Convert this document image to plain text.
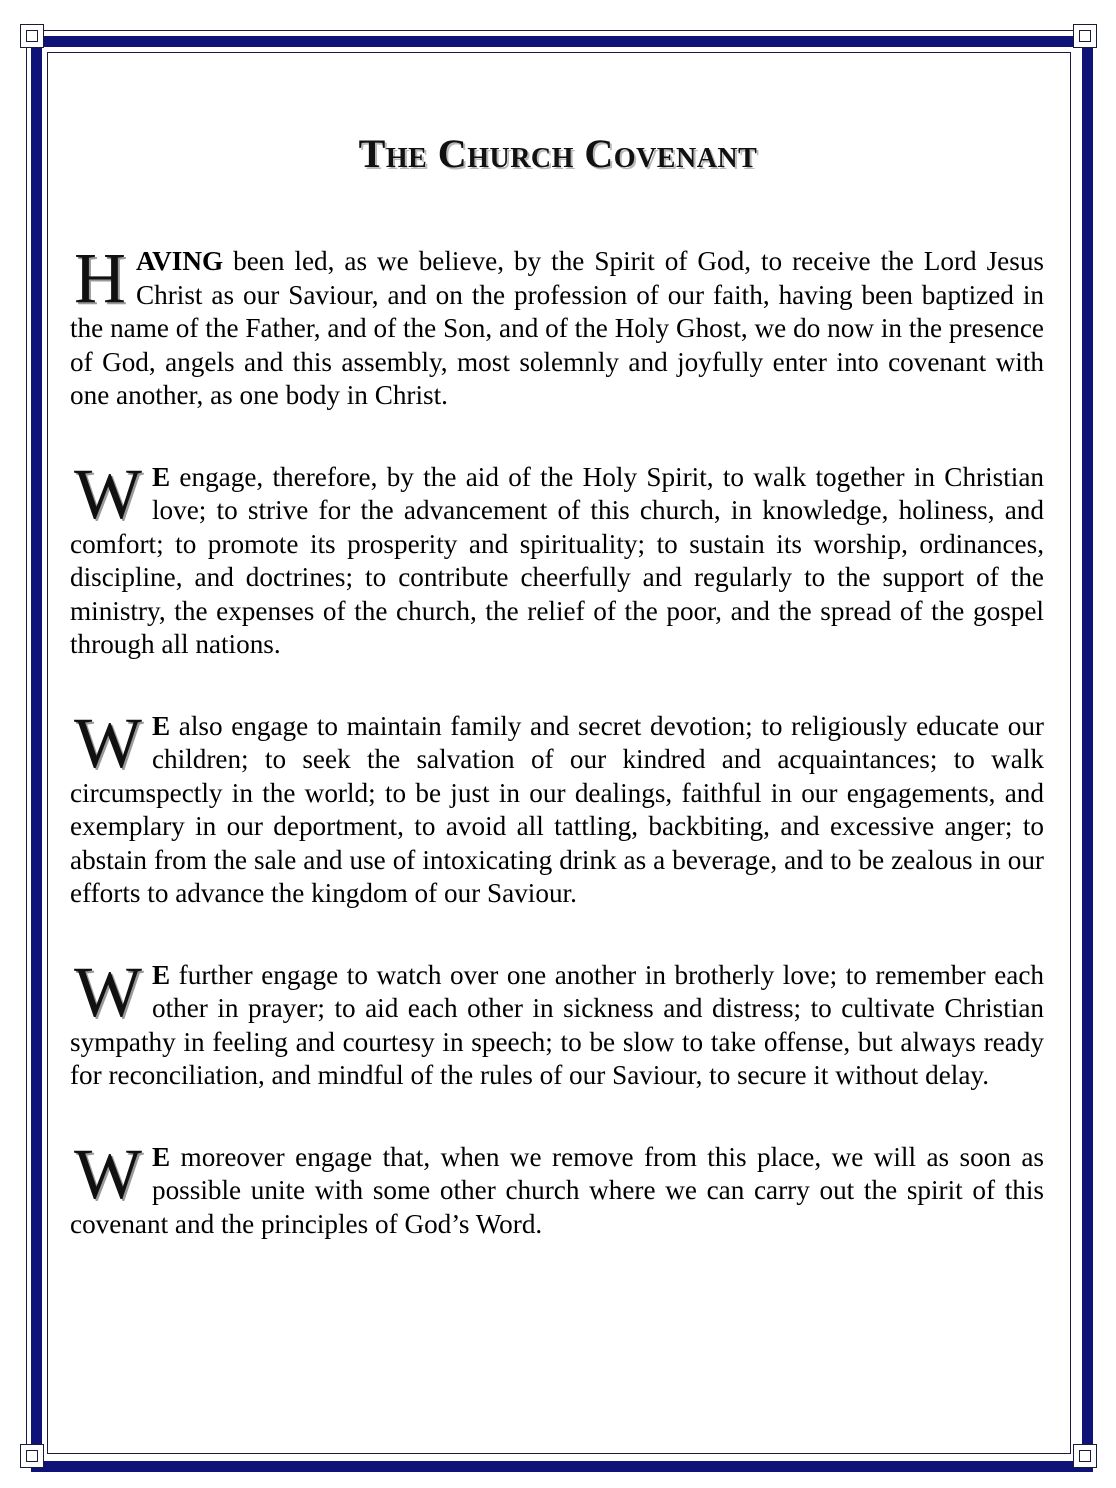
The Church Covenant

HAVING been led, as we believe, by the Spirit of God, to receive the Lord Jesus Christ as our Saviour, and on the profession of our faith, having been baptized in the name of the Father, and of the Son, and of the Holy Ghost, we do now in the presence of God, angels and this assembly, most solemnly and joyfully enter into covenant with one another, as one body in Christ.

W E engage, therefore, by the aid of the Holy Spirit, to walk together in Christian love; to strive for the advancement of this church, in knowledge, holiness, and comfort; to promote its prosperity and spirituality; to sustain its worship, ordinances, discipline, and doctrines; to contribute cheerfully and regularly to the support of the ministry, the expenses of the church, the relief of the poor, and the spread of the gospel through all nations.

W E also engage to maintain family and secret devotion; to religiously educate our children; to seek the salvation of our kindred and acquaintances; to walk circumspectly in the world; to be just in our dealings, faithful in our engagements, and exemplary in our deportment, to avoid all tattling, backbiting, and excessive anger; to abstain from the sale and use of intoxicating drink as a beverage, and to be zealous in our efforts to advance the kingdom of our Saviour.

W E further engage to watch over one another in brotherly love; to remember each other in prayer; to aid each other in sickness and distress; to cultivate Christian sympathy in feeling and courtesy in speech; to be slow to take offense, but always ready for reconciliation, and mindful of the rules of our Saviour, to secure it without delay.

W E moreover engage that, when we remove from this place, we will as soon as possible unite with some other church where we can carry out the spirit of this covenant and the principles of God’s Word.
